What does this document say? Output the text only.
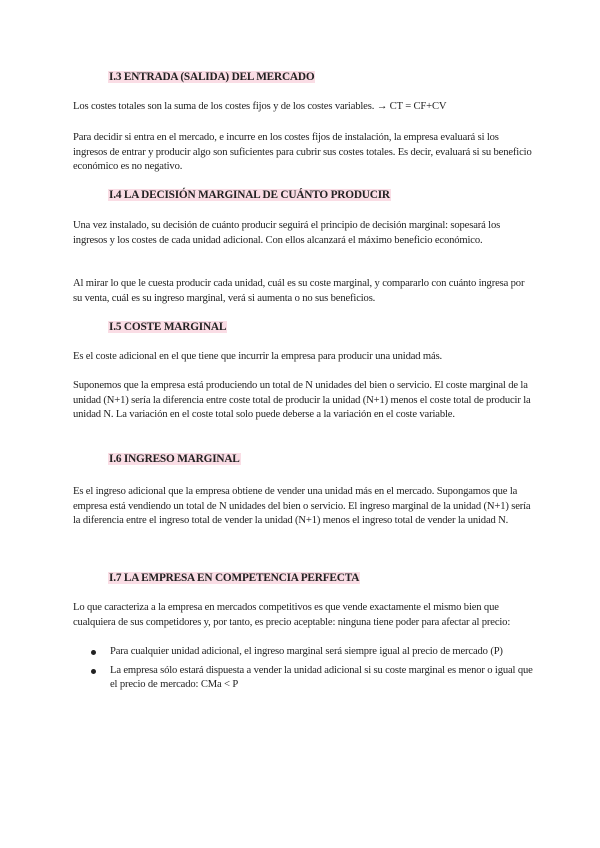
I.3 ENTRADA (SALIDA) DEL MERCADO

Los costes totales son la suma de los costes fijos y de los costes variables. → CT = CF+CV

Para decidir si entra en el mercado, e incurre en los costes fijos de instalación, la empresa evaluará si los ingresos de entrar y producir algo son suficientes para cubrir sus costes totales. Es decir, evaluará si su beneficio económico es no negativo.

I.4 LA DECISIÓN MARGINAL DE CUÁNTO PRODUCIR

Una vez instalado, su decisión de cuánto producir seguirá el principio de decisión marginal: sopesará los ingresos y los costes de cada unidad adicional. Con ellos alcanzará el máximo beneficio económico.

Al mirar lo que le cuesta producir cada unidad, cuál es su coste marginal, y compararlo con cuánto ingresa por su venta, cuál es su ingreso marginal, verá si aumenta o no sus beneficios.

I.5 COSTE MARGINAL

Es el coste adicional en el que tiene que incurrir la empresa para producir una unidad más.

Suponemos que la empresa está produciendo un total de N unidades del bien o servicio. El coste marginal de la unidad (N+1) sería la diferencia entre coste total de producir la unidad (N+1) menos el coste total de producir la unidad N. La variación en el coste total solo puede deberse a la variación en el coste variable.

I.6 INGRESO MARGINAL

Es el ingreso adicional que la empresa obtiene de vender una unidad más en el mercado. Supongamos que la empresa está vendiendo un total de N unidades del bien o servicio. El ingreso marginal de la unidad (N+1) sería la diferencia entre el ingreso total de vender la unidad (N+1) menos el ingreso total de vender la unidad N.

I.7 LA EMPRESA EN COMPETENCIA PERFECTA

Lo que caracteriza a la empresa en mercados competitivos es que vende exactamente el mismo bien que cualquiera de sus competidores y, por tanto, es precio aceptable: ninguna tiene poder para afectar al precio:

Para cualquier unidad adicional, el ingreso marginal será siempre igual al precio de mercado (P)
La empresa sólo estará dispuesta a vender la unidad adicional si su coste marginal es menor o igual que el precio de mercado: CMa < P
